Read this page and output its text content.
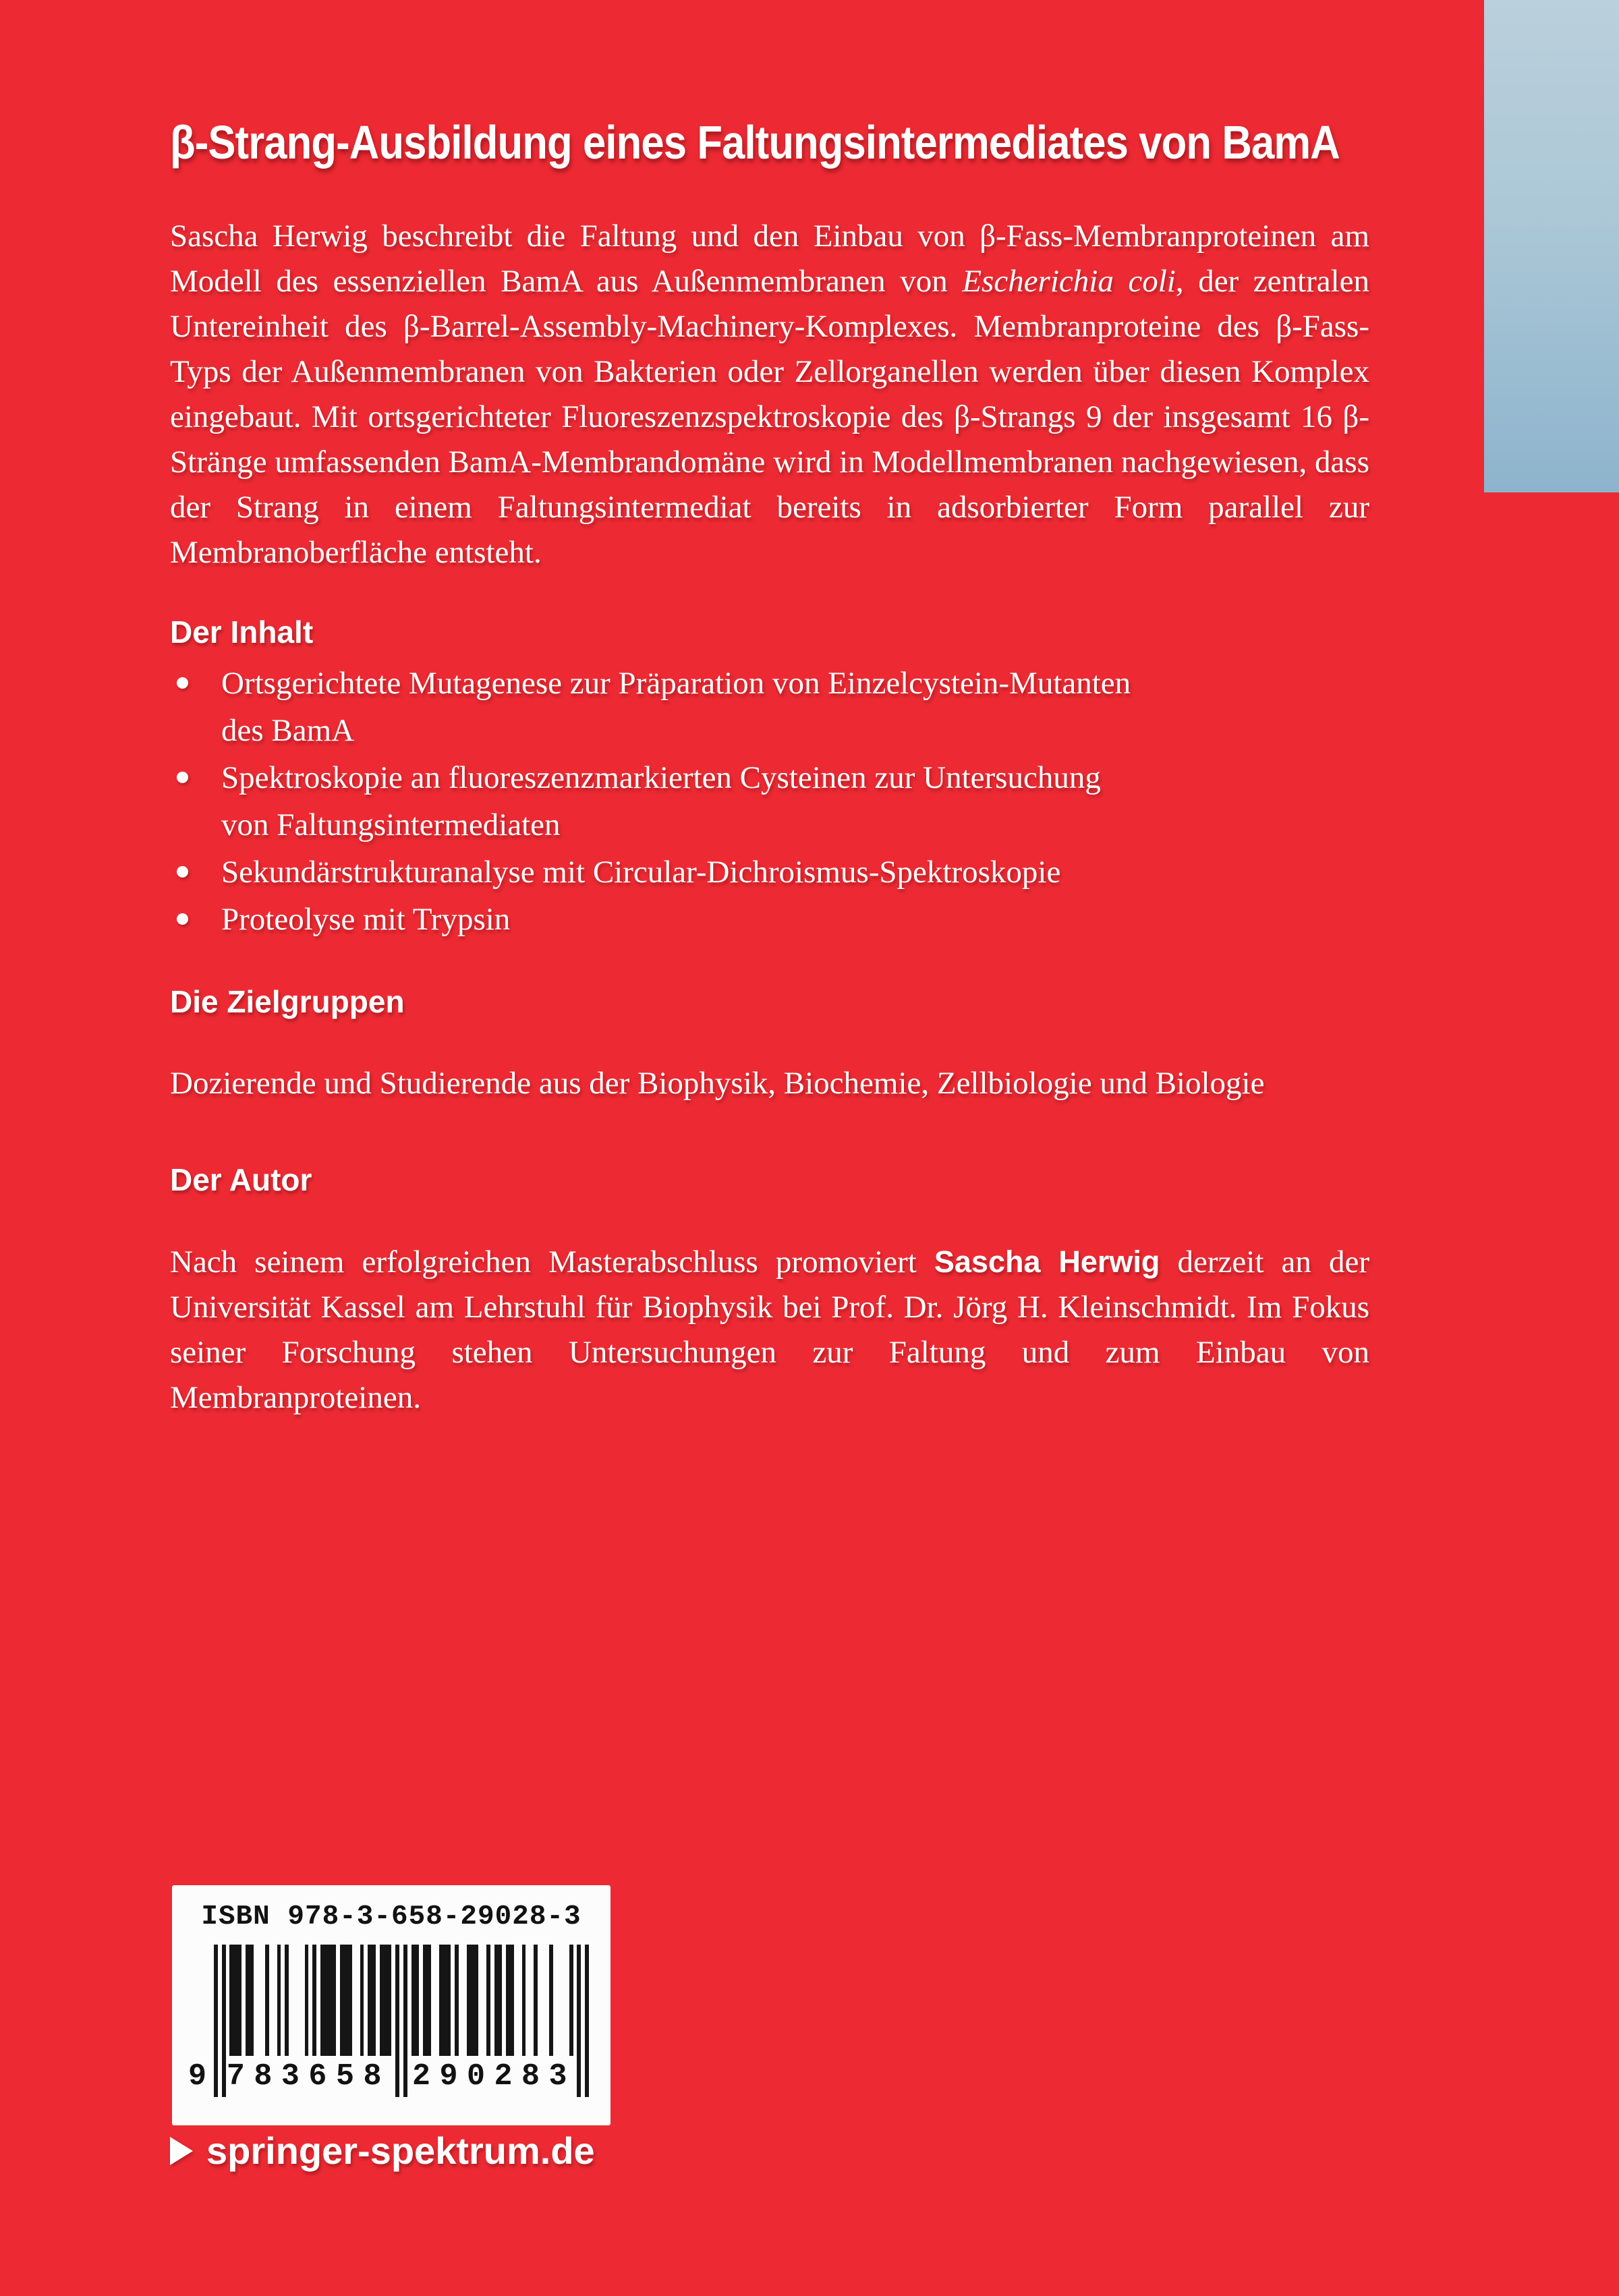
β-Strang-Ausbildung eines Faltungsintermediates von BamA

Sascha Herwig beschreibt die Faltung und den Einbau von β-Fass-Membranproteinen am Modell des essenziellen BamA aus Außenmembranen von Escherichia coli, der zentralen Untereinheit des β-Barrel-Assembly-Machinery-Komplexes. Membranproteine des β-Fass-Typs der Außenmembranen von Bakterien oder Zellorganellen werden über diesen Komplex eingebaut. Mit ortsgerichteter Fluoreszenzspektroskopie des β-Strangs 9 der insgesamt 16 β-Stränge umfassenden BamA-Membrandomäne wird in Modellmembranen nachgewiesen, dass der Strang in einem Faltungsintermediat bereits in adsorbierter Form parallel zur Membranoberfläche entsteht.

Der Inhalt
Ortsgerichtete Mutagenese zur Präparation von Einzelcystein-Mutanten
des BamA
Spektroskopie an fluoreszenzmarkierten Cysteinen zur Untersuchung
von Faltungsintermediaten
Sekundärstrukturanalyse mit Circular-Dichroismus-Spektroskopie
Proteolyse mit Trypsin
Die Zielgruppen

Dozierende und Studierende aus der Biophysik, Biochemie, Zellbiologie und Biologie

Der Autor

Nach seinem erfolgreichen Masterabschluss promoviert Sascha Herwig derzeit an der Universität Kassel am Lehrstuhl für Biophysik bei Prof. Dr. Jörg H. Kleinschmidt. Im Fokus seiner Forschung stehen Untersuchungen zur Faltung und zum Einbau von Membranproteinen.

ISBN 978-3-658-29028-3
9 783658 290283
springer-spektrum.de
